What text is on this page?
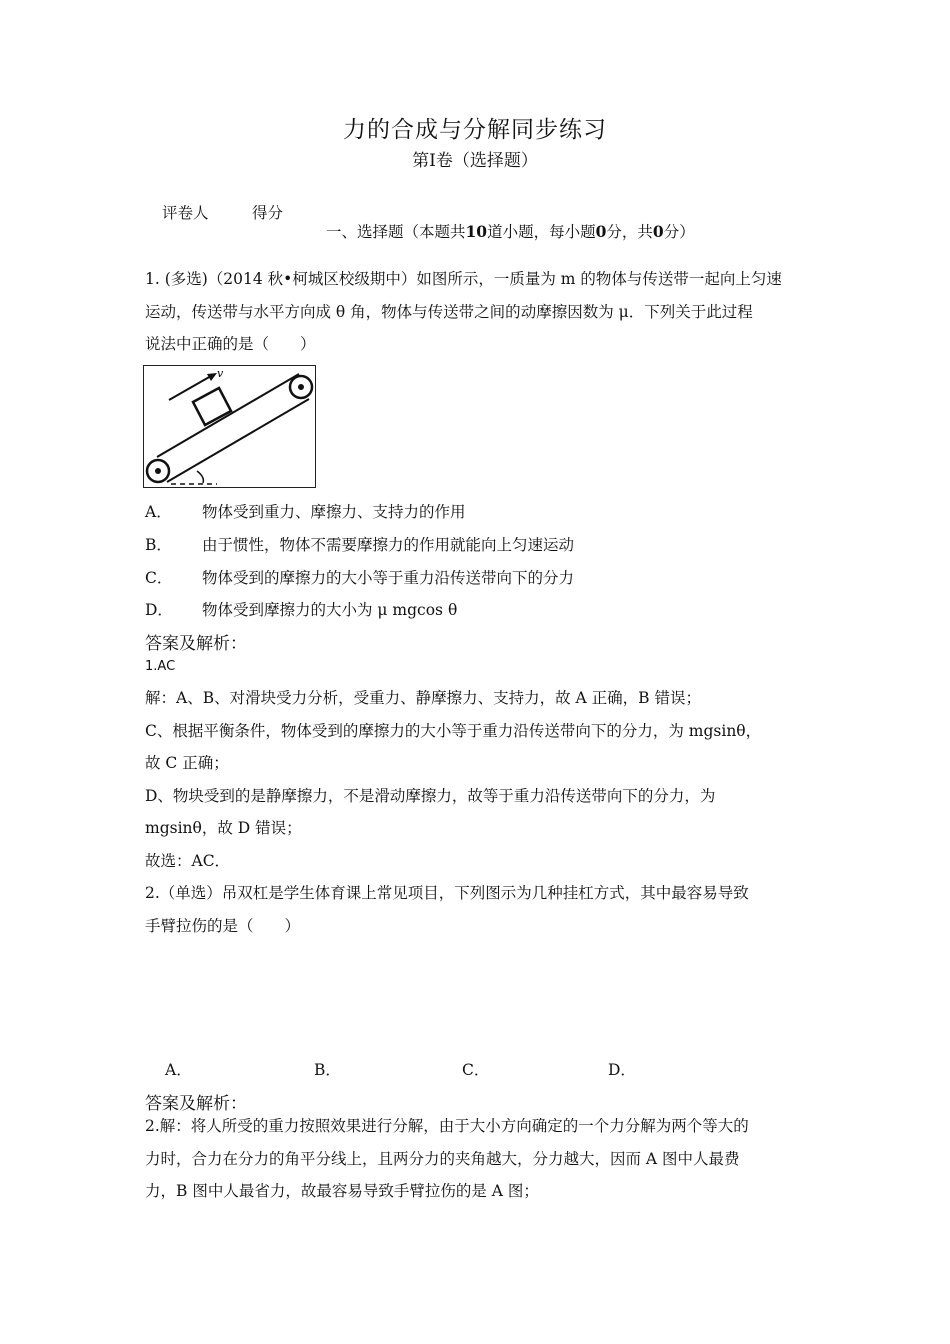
力的合成与分解同步练习
第Ⅰ卷（选择题）
评卷人	得分
一、选择题（本题共10道小题，每小题0分，共0分）
1. (多选)（2014 秋•柯城区校级期中）如图所示，一质量为 m 的物体与传送带一起向上匀速
运动，传送带与水平方向成 θ 角，物体与传送带之间的动摩擦因数为 μ．下列关于此过程
说法中正确的是（　　）
v
A． 物体受到重力、摩擦力、支持力的作用
B． 由于惯性，物体不需要摩擦力的作用就能向上匀速运动
C． 物体受到的摩擦力的大小等于重力沿传送带向下的分力
D． 物体受到摩擦力的大小为 μ mgcos θ
答案及解析：
1.AC
解：A、B、对滑块受力分析，受重力、静摩擦力、支持力，故 A 正确，B 错误；
C、根据平衡条件，物体受到的摩擦力的大小等于重力沿传送带向下的分力，为 mgsinθ，
故 C 正确；
D、物块受到的是静摩擦力，不是滑动摩擦力，故等于重力沿传送带向下的分力，为
mgsinθ，故 D 错误；
故选：AC．
2.（单选）吊双杠是学生体育课上常见项目，下列图示为几种挂杠方式，其中最容易导致
手臂拉伤的是（　　）
A．	B．	C．	D．
答案及解析：
2.解：将人所受的重力按照效果进行分解，由于大小方向确定的一个力分解为两个等大的
力时，合力在分力的角平分线上，且两分力的夹角越大，分力越大，因而 A 图中人最费
力，B 图中人最省力，故最容易导致手臂拉伤的是 A 图；
